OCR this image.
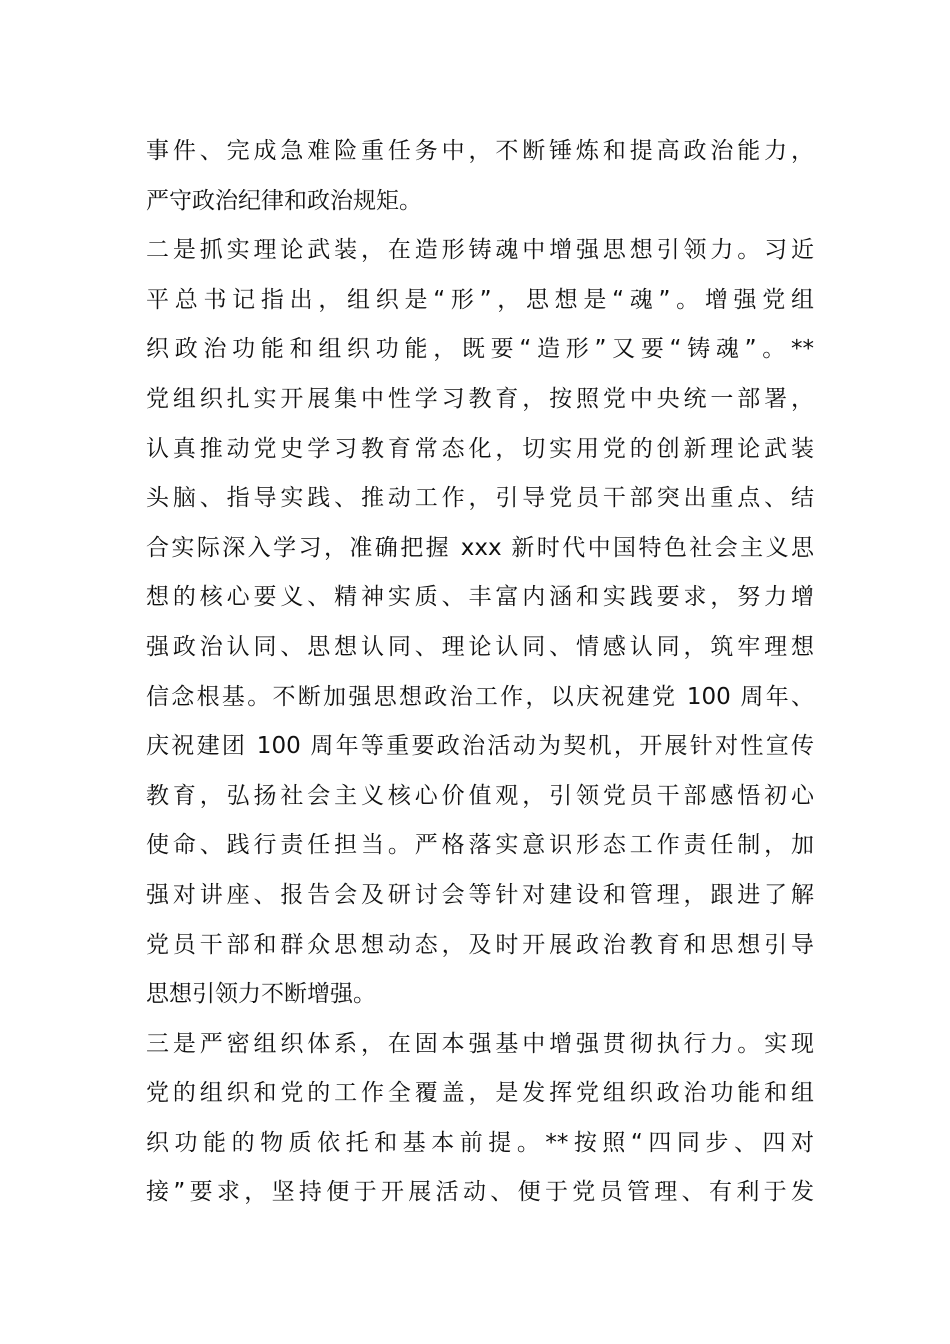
事件、完成急难险重任务中，不断锤炼和提高政治能力，
严守政治纪律和政治规矩。
二是抓实理论武装，在造形铸魂中增强思想引领力。习近
平总书记指出，组织是“形”，思想是“魂”。增强党组
织政治功能和组织功能，既要“造形”又要“铸魂”。**
党组织扎实开展集中性学习教育，按照党中央统一部署，
认真推动党史学习教育常态化，切实用党的创新理论武装
头脑、指导实践、推动工作，引导党员干部突出重点、结
合实际深入学习，准确把握 xxx 新时代中国特色社会主义思
想的核心要义、精神实质、丰富内涵和实践要求，努力增
强政治认同、思想认同、理论认同、情感认同，筑牢理想
信念根基。不断加强思想政治工作，以庆祝建党 100 周年、
庆祝建团 100 周年等重要政治活动为契机，开展针对性宣传
教育，弘扬社会主义核心价值观，引领党员干部感悟初心
使命、践行责任担当。严格落实意识形态工作责任制，加
强对讲座、报告会及研讨会等针对建设和管理，跟进了解
党员干部和群众思想动态，及时开展政治教育和思想引导
思想引领力不断增强。
三是严密组织体系，在固本强基中增强贯彻执行力。实现
党的组织和党的工作全覆盖，是发挥党组织政治功能和组
织功能的物质依托和基本前提。**按照“四同步、四对
接”要求，坚持便于开展活动、便于党员管理、有利于发
